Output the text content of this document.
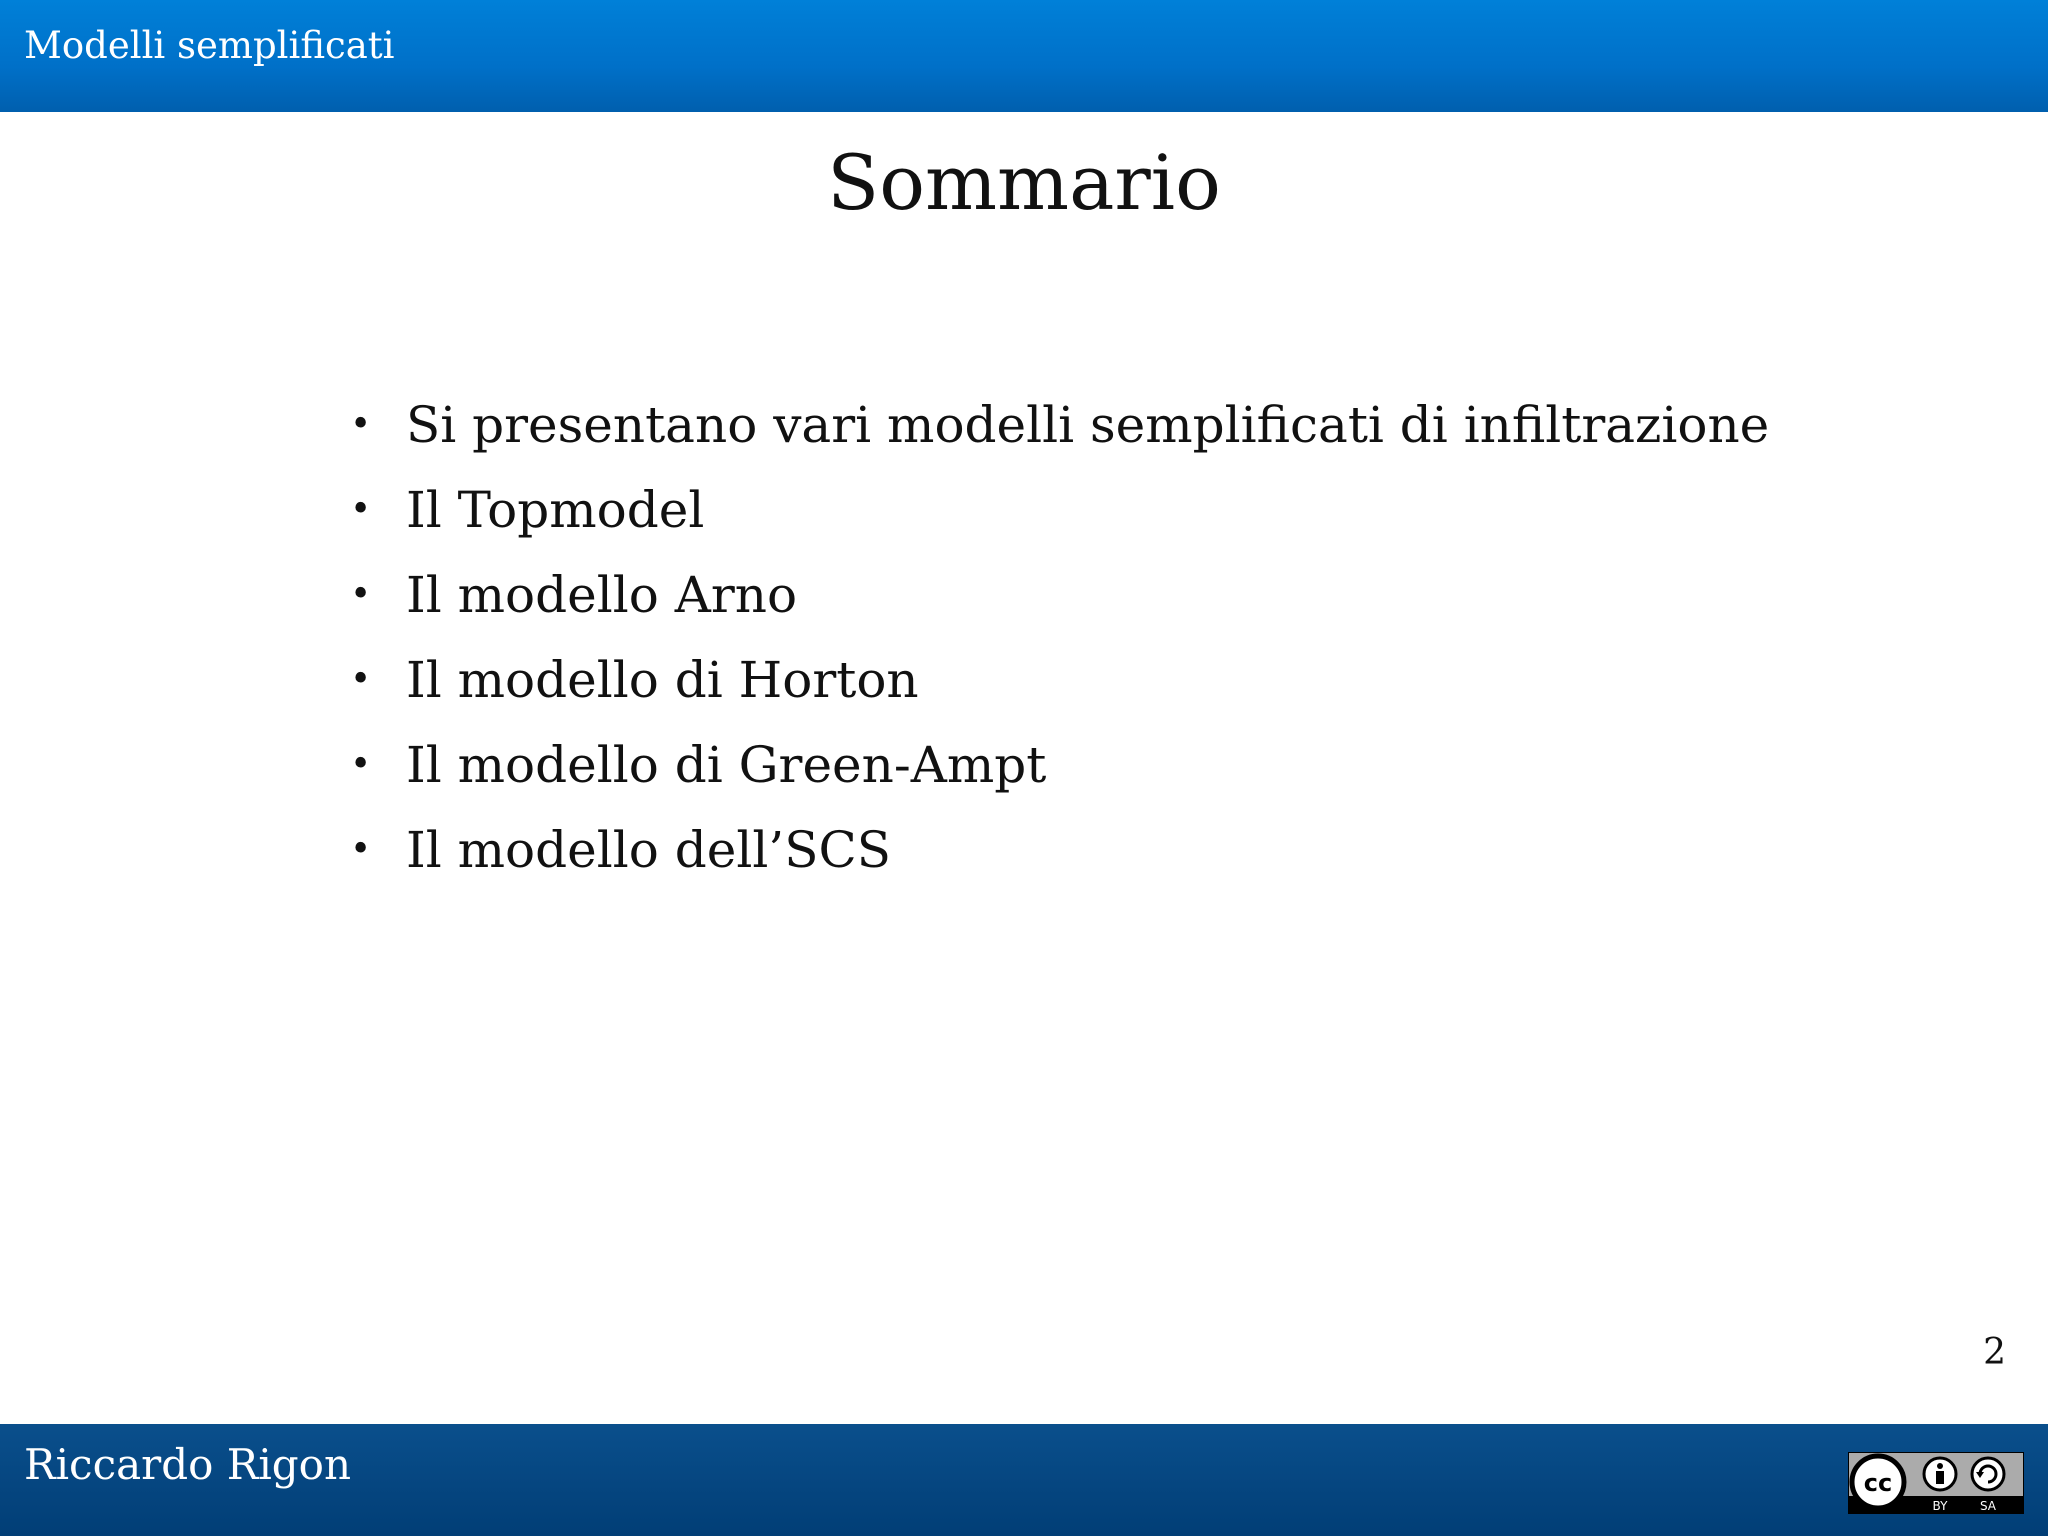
Modelli semplificati
Sommario
• Si presentano vari modelli semplificati di infiltrazione
• Il Topmodel
• Il modello Arno
• Il modello di Horton
• Il modello di Green-Ampt
• Il modello dell’SCS
2
Riccardo Rigon	cc
BY	SA
